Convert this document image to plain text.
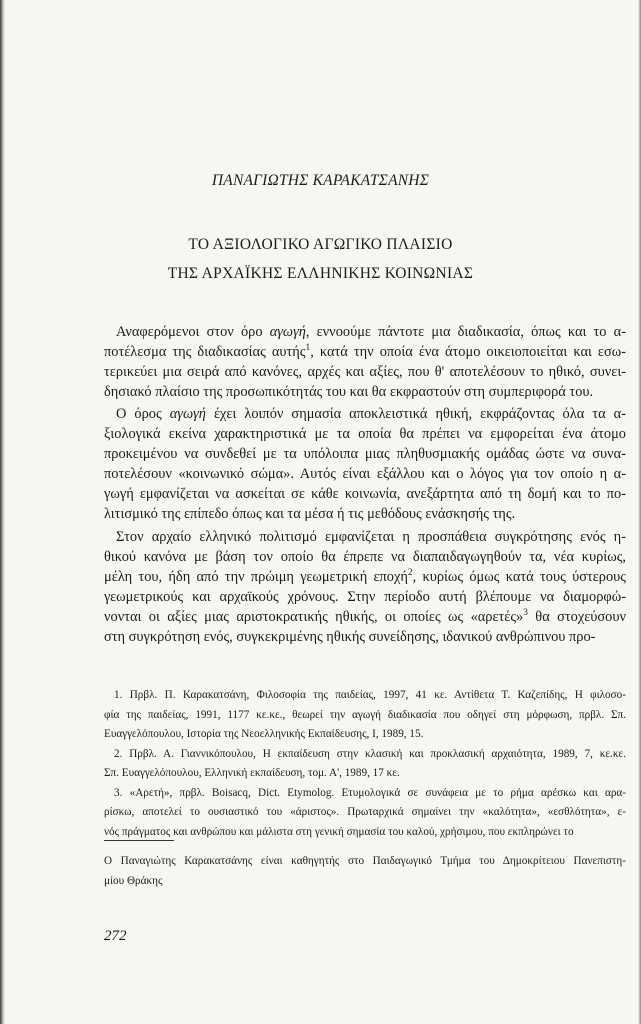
ΠΑΝΑΓΙΩΤΗΣ ΚΑΡΑΚΑΤΣΑΝΗΣ
ΤΟ ΑΞΙΟΛΟΓΙΚΟ ΑΓΩΓΙΚΟ ΠΛΑΙΣΙΟ
ΤΗΣ ΑΡΧΑΪΚΗΣ ΕΛΛΗΝΙΚΗΣ ΚΟΙΝΩΝΙΑΣ
Αναφερόμενοι στον όρο αγωγή, εννοούμε πάντοτε μια διαδικασία, όπως και το α-
ποτέλεσμα της διαδικασίας αυτής$^1$, κατά την οποία ένα άτομο οικειοποιείται και εσω-
τερικεύει μια σειρά από κανόνες, αρχές και αξίες, που θ' αποτελέσουν το ηθικό, συνει-
δησιακό πλαίσιο της προσωπικότητάς του και θα εκφραστούν στη συμπεριφορά του.
Ο όρος αγωγή έχει λοιπόν σημασία αποκλειστικά ηθική, εκφράζοντας όλα τα α-
ξιολογικά εκείνα χαρακτηριστικά με τα οποία θα πρέπει να εμφορείται ένα άτομο
προκειμένου να συνδεθεί με τα υπόλοιπα μιας πληθυσμιακής ομάδας ώστε να συνα-
ποτελέσουν «κοινωνικό σώμα». Αυτός είναι εξάλλου και ο λόγος για τον οποίο η α-
γωγή εμφανίζεται να ασκείται σε κάθε κοινωνία, ανεξάρτητα από τη δομή και το πο-
λιτισμικό της επίπεδο όπως και τα μέσα ή τις μεθόδους ενάσκησής της.
Στον αρχαίο ελληνικό πολιτισμό εμφανίζεται η προσπάθεια συγκρότησης ενός η-
θικού κανόνα με βάση τον οποίο θα έπρεπε να διαπαιδαγωγηθούν τα, νέα κυρίως,
μέλη του, ήδη από την πρώιμη γεωμετρική εποχή$^2$, κυρίως όμως κατά τους ύστερους
γεωμετρικούς και αρχαϊκούς χρόνους. Στην περίοδο αυτή βλέπουμε να διαμορφώ-
νονται οι αξίες μιας αριστοκρατικής ηθικής, οι οποίες ως «αρετές»$^3$ θα στοχεύσουν
στη συγκρότηση ενός, συγκεκριμένης ηθικής συνείδησης, ιδανικού ανθρώπινου προ-
1. Πρβλ. Π. Καρακατσάνη, Φιλοσοφία της παιδείας, 1997, 41 κε. Αντίθετα Τ. Καζεπίδης, Η φιλοσο-
φία της παιδείας, 1991, 1177 κε.κε., θεωρεί την αγωγή διαδικασία που οδηγεί στη μόρφωση, πρβλ. Σπ.
Ευαγγελόπουλου, Ιστορία της Νεοελληνικής Εκπαίδευσης, Ι, 1989, 15.
2. Πρβλ. Α. Γιαννικόπουλου, Η εκπαίδευση στην κλασική και προκλασική αρχαιότητα, 1989, 7, κε.κε.
Σπ. Ευαγγελόπουλου, Ελληνική εκπαίδευση, τομ. Α', 1989, 17 κε.
3. «Αρετή», πρβλ. Boisacq, Dict. Etymolog. Ετυμολογικά σε συνάφεια με το ρήμα αρέσκω και αρα-
ρίσκω, αποτελεί το ουσιαστικό του «άριστος». Πρωταρχικά σημαίνει την «καλότητα», «εσθλότητα», ε-
νός πράγματος και ανθρώπου και μάλιστα στη γενική σημασία του καλού, χρήσιμου, που εκπληρώνει το
Ο Παναγιώτης Καρακατσάνης είναι καθηγητής στο Παιδαγωγικό Τμήμα του Δημοκρίτειου Πανεπιστη-
μίου Θράκης
272
